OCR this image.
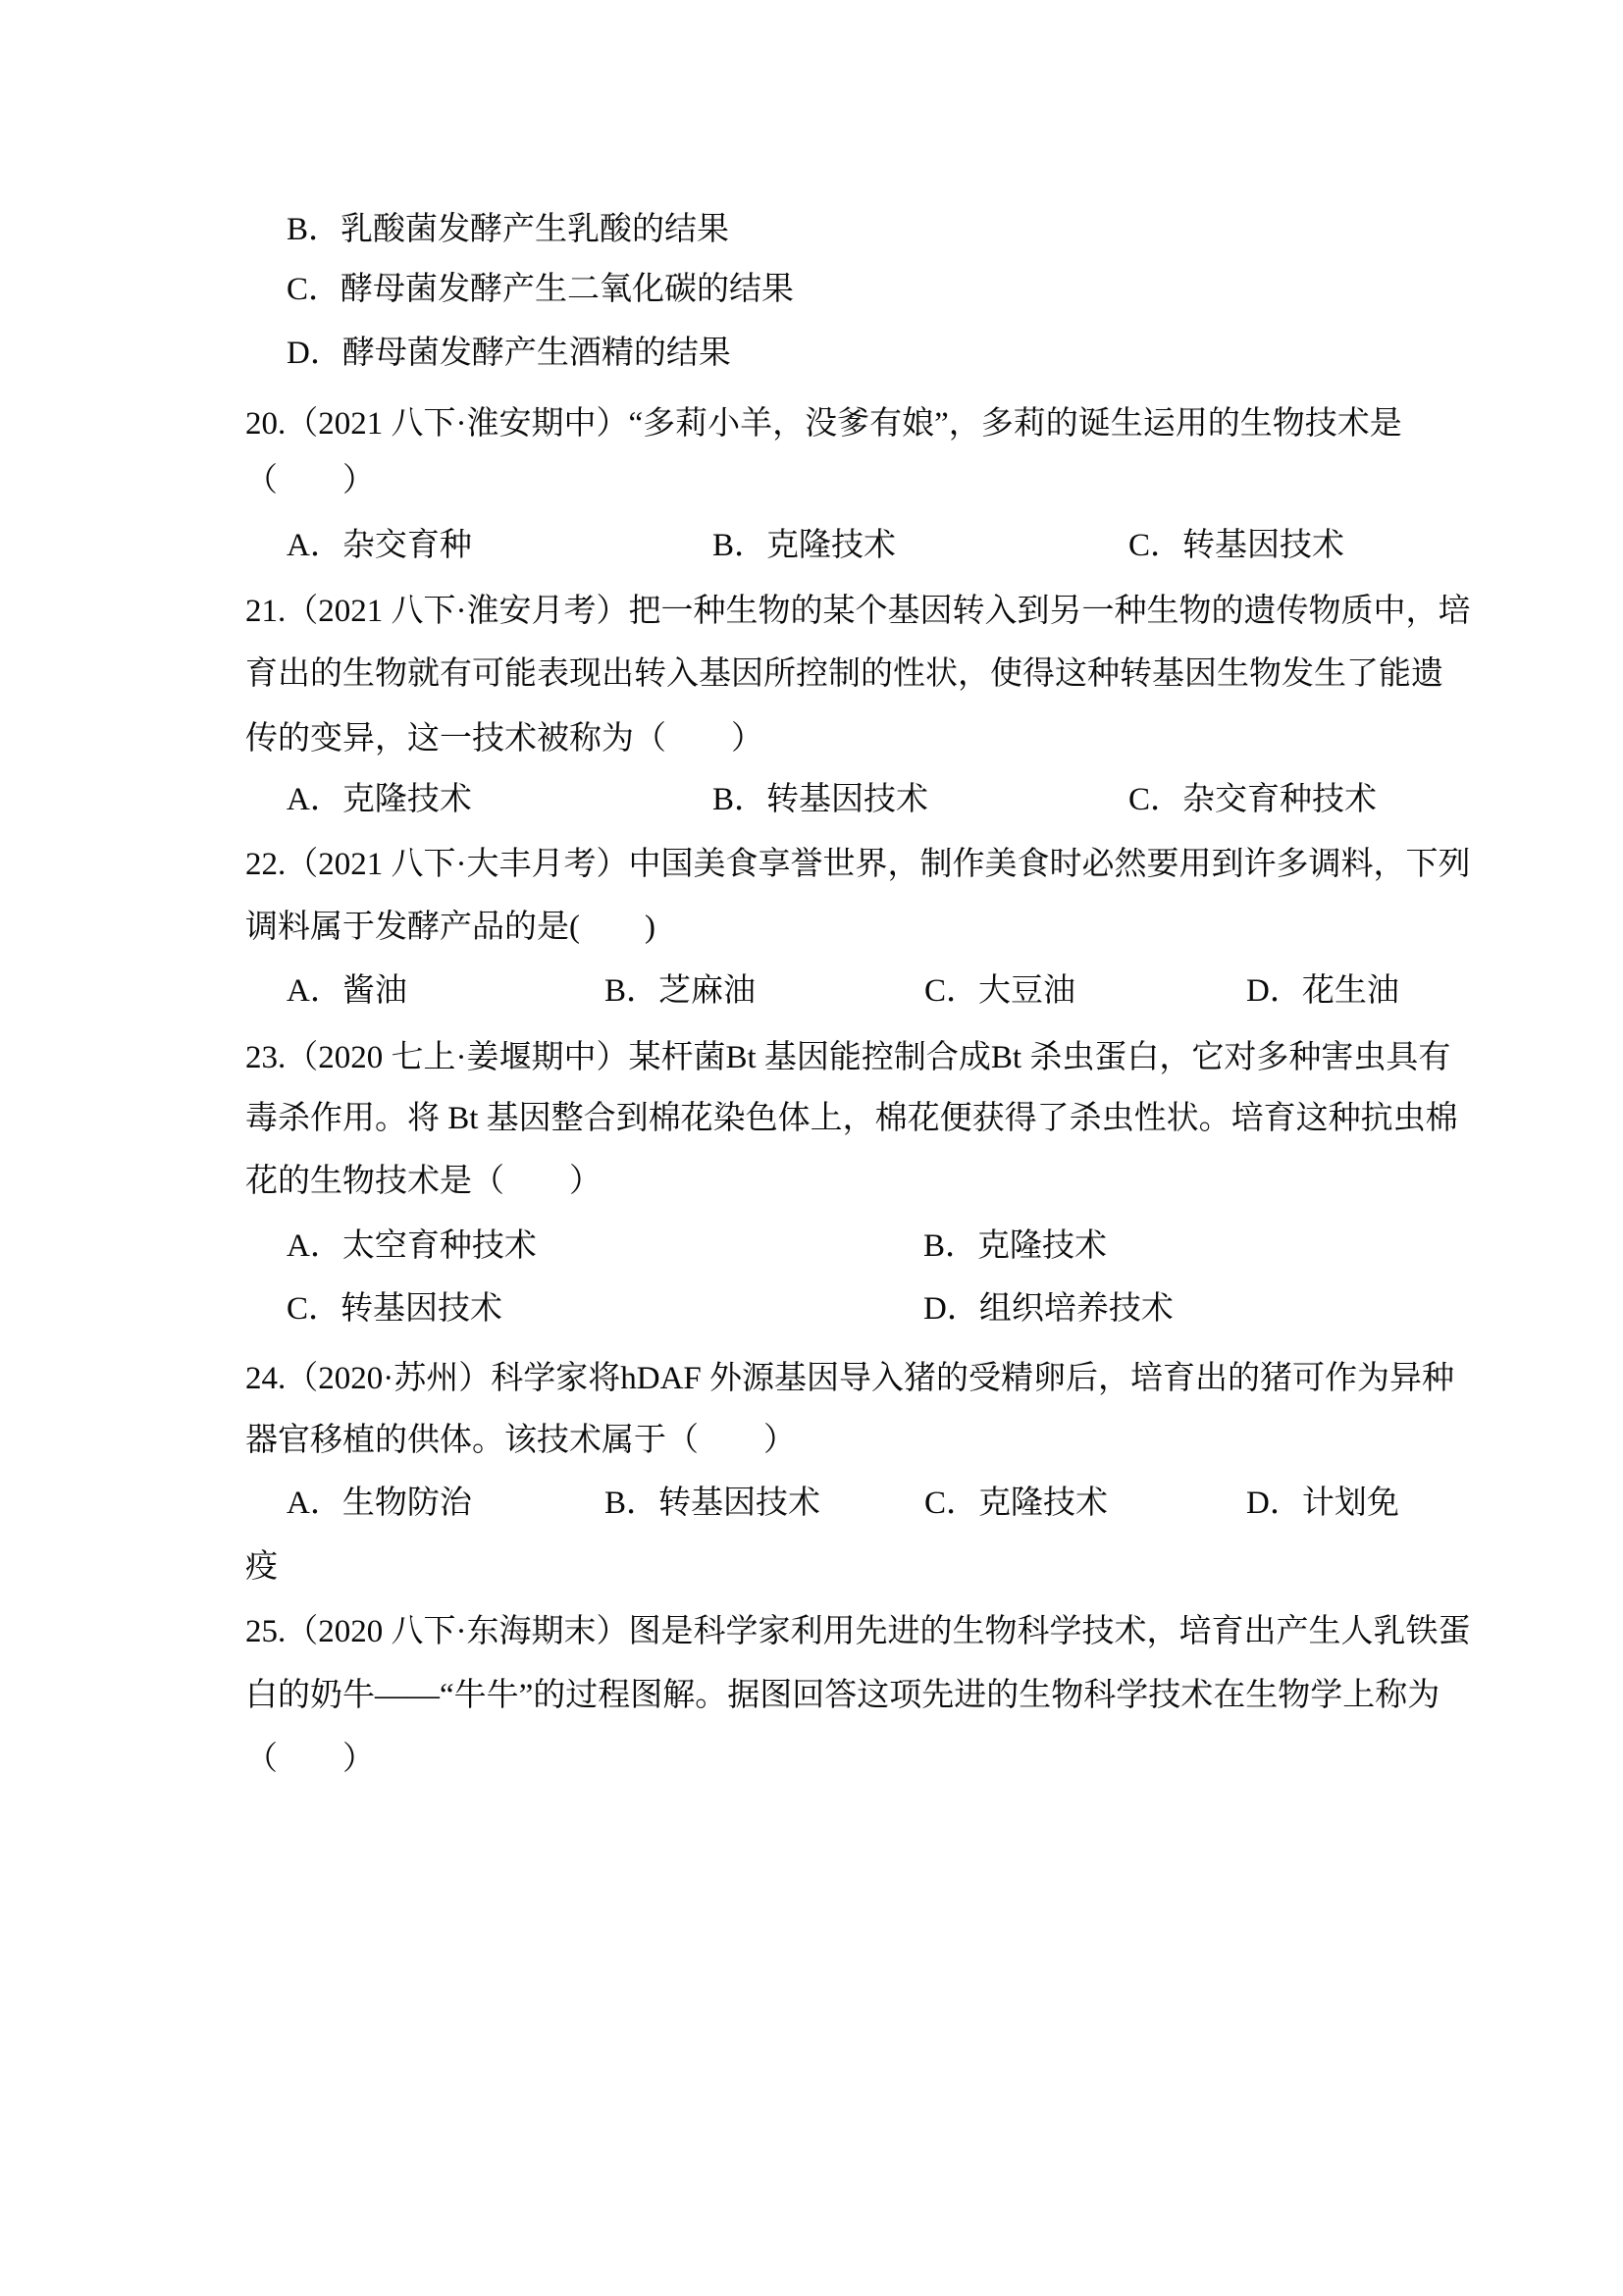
B．乳酸菌发酵产生乳酸的结果
C．酵母菌发酵产生二氧化碳的结果
D．酵母菌发酵产生酒精的结果
20.（2021 八下·淮安期中）“多莉小羊，没爹有娘”，多莉的诞生运用的生物技术是
（　　）
A．杂交育种	B．克隆技术	C．转基因技术
21.（2021 八下·淮安月考）把一种生物的某个基因转入到另一种生物的遗传物质中，培
育出的生物就有可能表现出转入基因所控制的性状，使得这种转基因生物发生了能遗
传的变异，这一技术被称为（　　）
A．克隆技术	B．转基因技术	C．杂交育种技术
22.（2021 八下·大丰月考）中国美食享誉世界，制作美食时必然要用到许多调料，下列
调料属于发酵产品的是(　　)
A．酱油	B．芝麻油	C．大豆油	D．花生油
23.（2020 七上·姜堰期中）某杆菌Bt 基因能控制合成Bt 杀虫蛋白，它对多种害虫具有
毒杀作用。将 Bt 基因整合到棉花染色体上，棉花便获得了杀虫性状。培育这种抗虫棉
花的生物技术是（　　）
A．太空育种技术	B．克隆技术
C．转基因技术	D．组织培养技术
24.（2020·苏州）科学家将hDAF 外源基因导入猪的受精卵后，培育出的猪可作为异种
器官移植的供体。该技术属于（　　）
A．生物防治	B．转基因技术	C．克隆技术	D．计划免
疫
25.（2020 八下·东海期末）图是科学家利用先进的生物科学技术，培育出产生人乳铁蛋
白的奶牛——“牛牛”的过程图解。据图回答这项先进的生物科学技术在生物学上称为
（　　）
